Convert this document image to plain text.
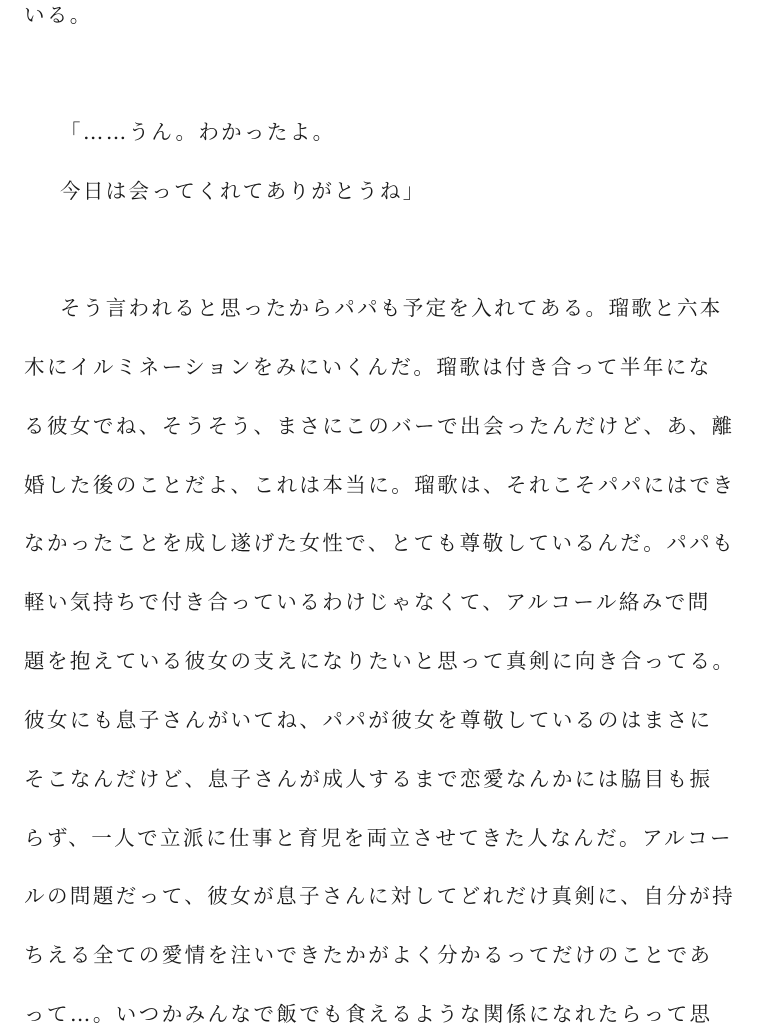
いる。
「……うん。わかったよ。
今日は会ってくれてありがとうね」
そう言われると思ったからパパも予定を入れてある。瑠歌と六本
木にイルミネーションをみにいくんだ。瑠歌は付き合って半年にな
る彼女でね、そうそう、まさにこのバーで出会ったんだけど、あ、離
婚した後のことだよ、これは本当に。瑠歌は、それこそパパにはでき
なかったことを成し遂げた女性で、とても尊敬しているんだ。パパも
軽い気持ちで付き合っているわけじゃなくて、アルコール絡みで問
題を抱えている彼女の支えになりたいと思って真剣に向き合ってる。
彼女にも息子さんがいてね、パパが彼女を尊敬しているのはまさに
そこなんだけど、息子さんが成人するまで恋愛なんかには脇目も振
らず、一人で立派に仕事と育児を両立させてきた人なんだ。アルコー
ルの問題だって、彼女が息子さんに対してどれだけ真剣に、自分が持
ちえる全ての愛情を注いできたかがよく分かるってだけのことであ
って…。いつかみんなで飯でも食えるような関係になれたらって思
